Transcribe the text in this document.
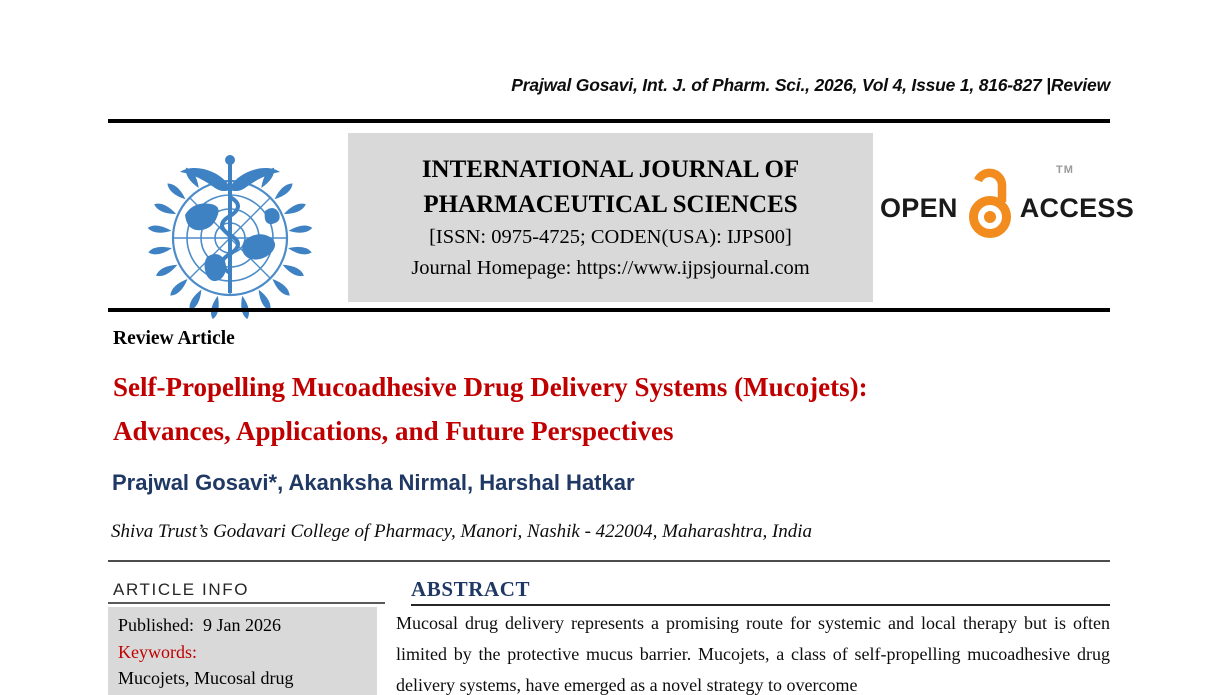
Prajwal Gosavi, Int. J. of Pharm. Sci., 2026, Vol 4, Issue 1, 816-827 |Review
INTERNATIONAL JOURNAL OF
PHARMACEUTICAL SCIENCES
[ISSN: 0975-4725; CODEN(USA): IJPS00]
Journal Homepage: https://www.ijpsjournal.com
OPEN ACCESS
TM
Review Article
Self-Propelling Mucoadhesive Drug Delivery Systems (Mucojets):
Advances, Applications, and Future Perspectives
Prajwal Gosavi*, Akanksha Nirmal, Harshal Hatkar
Shiva Trust’s Godavari College of Pharmacy, Manori, Nashik - 422004, Maharashtra, India
ARTICLE INFO
Published: 9 Jan 2026
Keywords:
Mucojets, Mucosal drug
ABSTRACT
Mucosal drug delivery represents a promising route for systemic and local therapy but is often limited by the protective mucus barrier. Mucojets, a class of self-propelling mucoadhesive drug delivery systems, have emerged as a novel strategy to overcome
